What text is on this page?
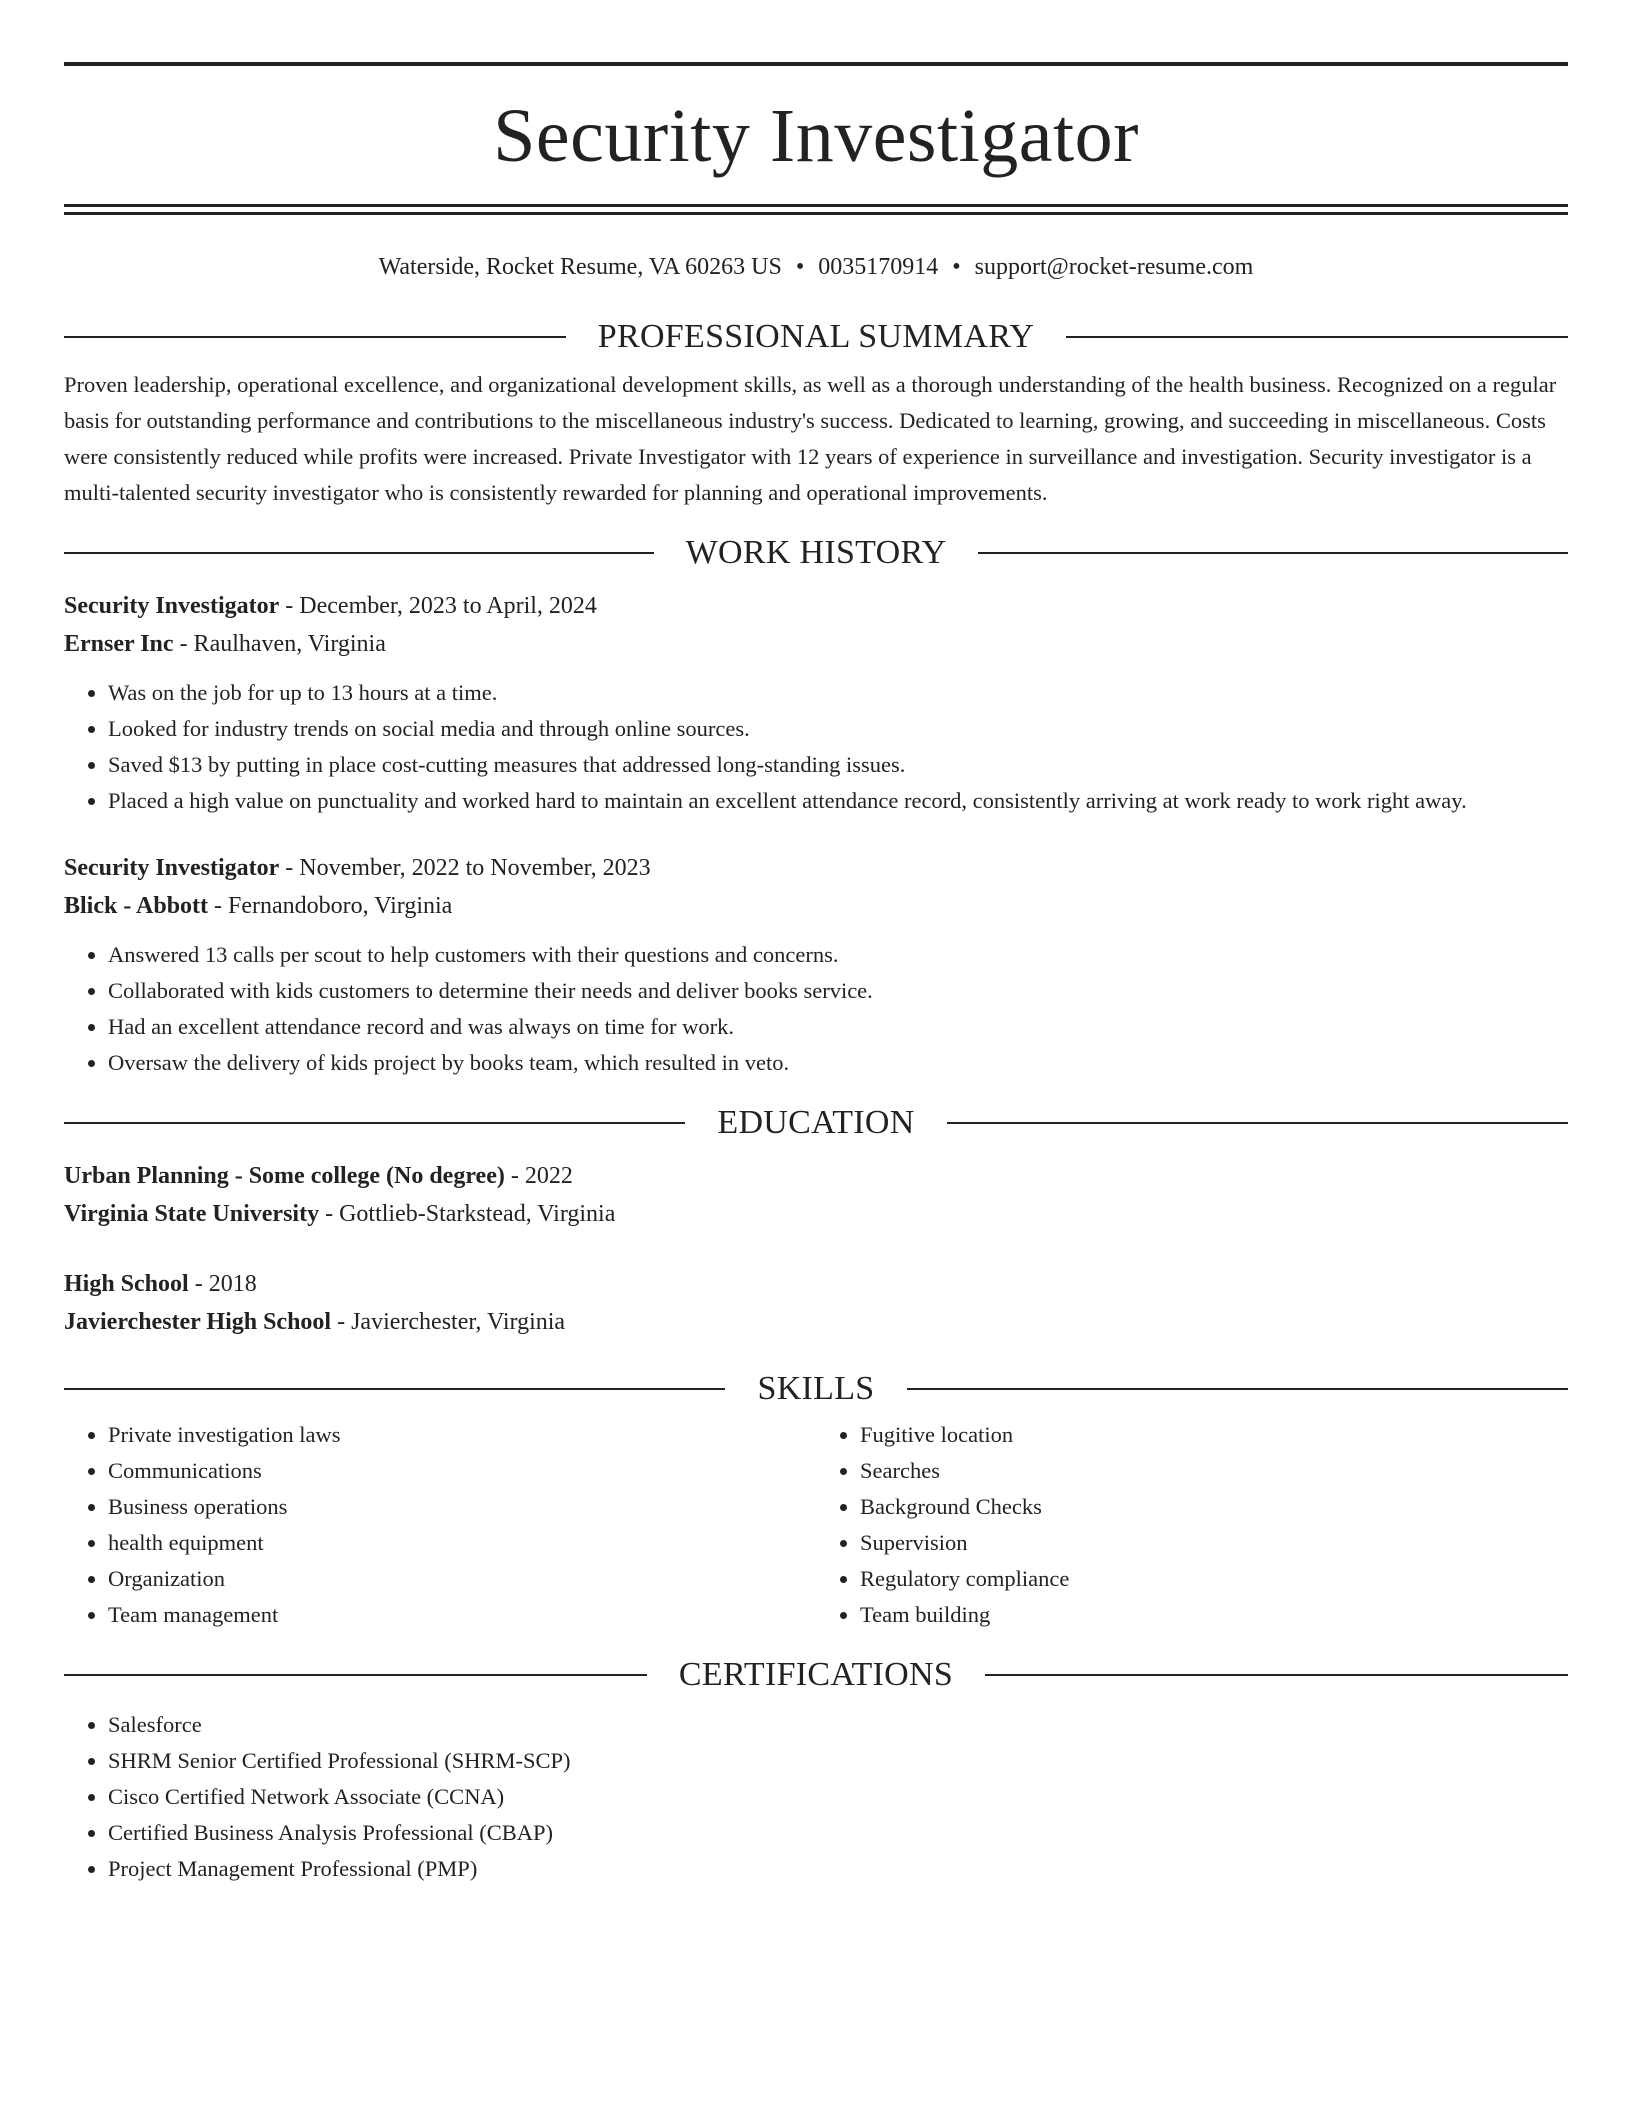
Security Investigator
Waterside, Rocket Resume, VA 60263 US • 0035170914 • support@rocket-resume.com
PROFESSIONAL SUMMARY
Proven leadership, operational excellence, and organizational development skills, as well as a thorough understanding of the health business. Recognized on a regular basis for outstanding performance and contributions to the miscellaneous industry's success. Dedicated to learning, growing, and succeeding in miscellaneous. Costs were consistently reduced while profits were increased. Private Investigator with 12 years of experience in surveillance and investigation. Security investigator is a multi-talented security investigator who is consistently rewarded for planning and operational improvements.
WORK HISTORY
Security Investigator - December, 2023 to April, 2024
Ernser Inc - Raulhaven, Virginia
• Was on the job for up to 13 hours at a time.
• Looked for industry trends on social media and through online sources.
• Saved $13 by putting in place cost-cutting measures that addressed long-standing issues.
• Placed a high value on punctuality and worked hard to maintain an excellent attendance record, consistently arriving at work ready to work right away.
Security Investigator - November, 2022 to November, 2023
Blick - Abbott - Fernandoboro, Virginia
• Answered 13 calls per scout to help customers with their questions and concerns.
• Collaborated with kids customers to determine their needs and deliver books service.
• Had an excellent attendance record and was always on time for work.
• Oversaw the delivery of kids project by books team, which resulted in veto.
EDUCATION
Urban Planning - Some college (No degree) - 2022
Virginia State University - Gottlieb-Starkstead, Virginia
High School - 2018
Javierchester High School - Javierchester, Virginia
SKILLS
• Private investigation laws
• Communications
• Business operations
• health equipment
• Organization
• Team management
• Fugitive location
• Searches
• Background Checks
• Supervision
• Regulatory compliance
• Team building
CERTIFICATIONS
• Salesforce
• SHRM Senior Certified Professional (SHRM-SCP)
• Cisco Certified Network Associate (CCNA)
• Certified Business Analysis Professional (CBAP)
• Project Management Professional (PMP)
